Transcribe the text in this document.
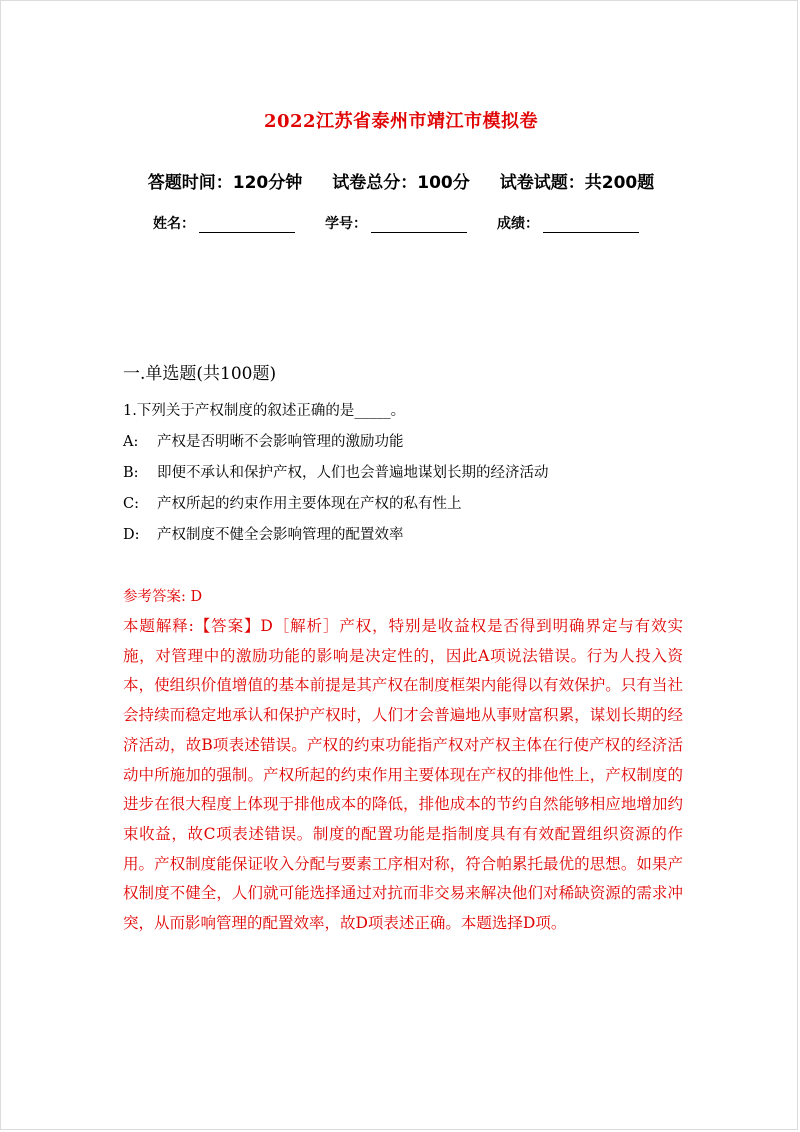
2022江苏省泰州市靖江市模拟卷
答题时间：120分钟 试卷总分：100分 试卷试题：共200题
姓名：	学号：	成绩：
一.单选题(共100题)
1.下列关于产权制度的叙述正确的是_____。
A: 产权是否明晰不会影响管理的激励功能
B: 即便不承认和保护产权，人们也会普遍地谋划长期的经济活动
C: 产权所起的约束作用主要体现在产权的私有性上
D: 产权制度不健全会影响管理的配置效率
参考答案: D
本题解释:【答案】D［解析］产权，特别是收益权是否得到明确界定与有效实施，对管理中的激励功能的影响是决定性的，因此A项说法错误。行为人投入资本，使组织价值增值的基本前提是其产权在制度框架内能得以有效保护。只有当社会持续而稳定地承认和保护产权时，人们才会普遍地从事财富积累，谋划长期的经济活动，故B项表述错误。产权的约束功能指产权对产权主体在行使产权的经济活动中所施加的强制。产权所起的约束作用主要体现在产权的排他性上，产权制度的进步在很大程度上体现于排他成本的降低，排他成本的节约自然能够相应地增加约束收益，故C项表述错误。制度的配置功能是指制度具有有效配置组织资源的作用。产权制度能保证收入分配与要素工序相对称，符合帕累托最优的思想。如果产权制度不健全，人们就可能选择通过对抗而非交易来解决他们对稀缺资源的需求冲突，从而影响管理的配置效率，故D项表述正确。本题选择D项。
